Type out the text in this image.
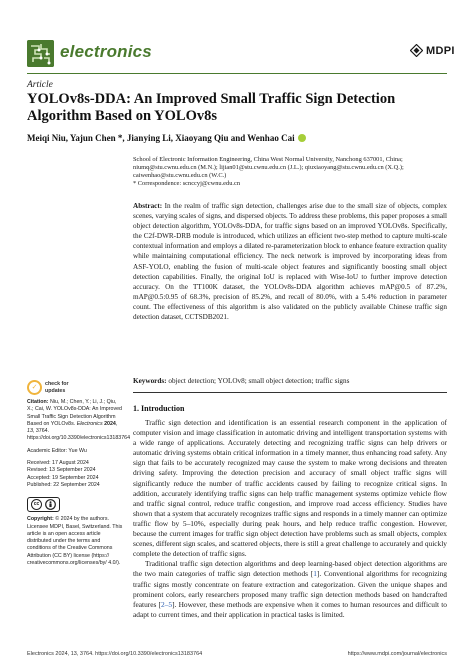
electronics	MDPI
Article
YOLOv8s-DDA: An Improved Small Traffic Sign Detection Algorithm Based on YOLOv8s
Meiqi Niu, Yajun Chen *, Jianying Li, Xiaoyang Qiu and Wenhao Cai
School of Electronic Information Engineering, China West Normal University, Nanchong 637001, China;
niumq@stu.cwnu.edu.cn (M.N.); lijian01@stu.cwnu.edu.cn (J.L.); qiuxiaoyang@stu.cwnu.edu.cn (X.Q.);
caiwenhao@stu.cwnu.edu.cn (W.C.)
* Correspondence: scnccyj@cwnu.edu.cn
Abstract: In the realm of traffic sign detection, challenges arise due to the small size of objects, complex scenes, varying scales of signs, and dispersed objects. To address these problems, this paper proposes a small object detection algorithm, YOLOv8s-DDA, for traffic signs based on an improved YOLOv8s. Specifically, the C2f-DWR-DRB module is introduced, which utilizes an efficient two-step method to capture multi-scale contextual information and employs a dilated re-parameterization block to enhance feature extraction quality while maintaining computational efficiency. The neck network is improved by incorporating ideas from ASF-YOLO, enabling the fusion of multi-scale object features and significantly boosting small object detection capabilities. Finally, the original IoU is replaced with Wise-IoU to further improve detection accuracy. On the TT100K dataset, the YOLOv8s-DDA algorithm achieves mAP@0.5 of 87.2%, mAP@0.5:0.95 of 68.3%, precision of 85.2%, and recall of 80.0%, with a 5.4% reduction in parameter count. The effectiveness of this algorithm is also validated on the publicly available Chinese traffic sign detection dataset, CCTSDB2021.
Keywords: object detection; YOLOv8; small object detection; traffic signs
✓	check for
updates
Citation: Niu, M.; Chen, Y.; Li, J.; Qiu, X.; Cai, W. YOLOv8s-DDA: An Improved Small Traffic Sign Detection Algorithm Based on YOLOv8s. Electronics 2024, 13, 3764. https://doi.org/10.3390/electronics13183764
Academic Editor: Yue Wu
Received: 17 August 2024
Revised: 13 September 2024
Accepted: 19 September 2024
Published: 22 September 2024
cc
Copyright: © 2024 by the authors. Licensee MDPI, Basel, Switzerland. This article is an open access article distributed under the terms and conditions of the Creative Commons Attribution (CC BY) license (https:// creativecommons.org/licenses/by/ 4.0/).
1. Introduction

Traffic sign detection and identification is an essential research component in the application of computer vision and image classification in automatic driving and intelligent transportation systems with a wide range of applications. Accurately detecting and recognizing traffic signs can help drivers or automatic driving systems obtain critical information in a timely manner, thus enhancing road safety. Any sign that fails to be accurately recognized may cause the system to make wrong decisions and threaten driving safety. Improving the detection precision and accuracy of small object traffic signs will significantly reduce the number of traffic accidents caused by failing to recognize critical signs. In addition, accurately identifying traffic signs can help traffic management systems optimize vehicle flow and traffic signal control, reduce traffic congestion, and improve road access efficiency. Studies have shown that a system that accurately recognizes traffic signs and responds in a timely manner can optimize traffic flow by 5–10%, especially during peak hours, and help reduce traffic congestion. However, because the current images for traffic sign object detection have problems such as small objects, complex scenes, different sign scales, and scattered objects, there is still a great challenge to accurately and quickly complete the detection of traffic signs.

Traditional traffic sign detection algorithms and deep learning-based object detection algorithms are the two main categories of traffic sign detection methods [1]. Conventional algorithms for recognizing traffic signs mostly concentrate on feature extraction and categorization. Given the unique shapes and prominent colors, early researchers proposed many traffic sign detection methods based on handcrafted features [2–5]. However, these methods are expensive when it comes to human resources and difficult to adapt to current times, and their application in practical tasks is limited.

Electronics 2024, 13, 3764. https://doi.org/10.3390/electronics13183764	https://www.mdpi.com/journal/electronics
